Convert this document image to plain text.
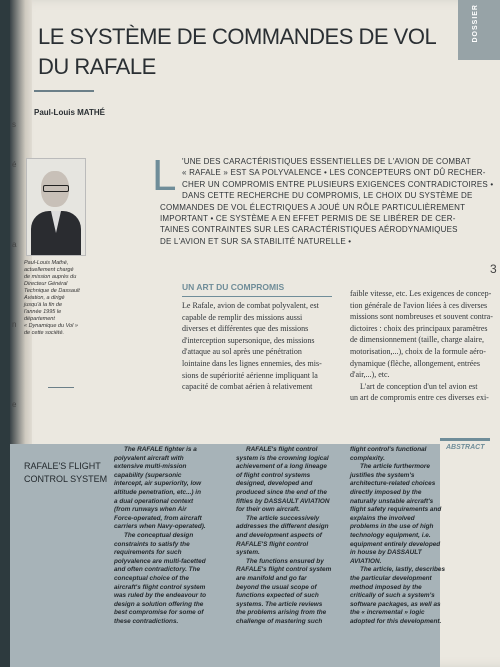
s
é
a
n
e
DOSSIER
3
LE SYSTÈME DE COMMANDES DE VOL
DU RAFALE
Paul-Louis MATHÉ
Paul-Louis Mathé,
actuellement chargé
de mission auprès du
Directeur Général
Technique de Dassault
Aviation, a dirigé
jusqu'à la fin de
l'année 1995 le
département
« Dynamique du Vol »
de cette société.
L 'UNE DES CARACTÉRISTIQUES ESSENTIELLES DE L'AVION DE COMBAT
« RAFALE » EST SA POLYVALENCE • LES CONCEPTEURS ONT DÛ RECHER-
CHER UN COMPROMIS ENTRE PLUSIEURS EXIGENCES CONTRADICTOIRES •
DANS CETTE RECHERCHE DU COMPROMIS, LE CHOIX DU SYSTÈME DE
COMMANDES DE VOL ÉLECTRIQUES A JOUÉ UN RÔLE PARTICULIÈREMENT
IMPORTANT • CE SYSTÈME A EN EFFET PERMIS DE SE LIBÉRER DE CER-
TAINES CONTRAINTES SUR LES CARACTÉRISTIQUES AÉRODYNAMIQUES
DE L'AVION ET SUR SA STABILITÉ NATURELLE •
UN ART DU COMPROMIS
Le Rafale, avion de combat polyvalent, est
capable de remplir des missions aussi
diverses et différentes que des missions
d'interception supersonique, des missions
d'attaque au sol après une pénétration
lointaine dans les lignes ennemies, des mis-
sions de supériorité aérienne impliquant la
capacité de combat aérien à relativement
faible vitesse, etc. Les exigences de concep-
tion générale de l'avion liées à ces diverses
missions sont nombreuses et souvent contra-
dictoires : choix des principaux paramètres
de dimensionnement (taille, charge alaire,
motorisation,...), choix de la formule aéro-
dynamique (flèche, allongement, entrées
d'air,...), etc.
L'art de conception d'un tel avion est
un art de compromis entre ces diverses exi-
ABSTRACT
RAFALE'S FLIGHT
CONTROL SYSTEM
The RAFALE fighter is a
polyvalent aircraft with
extensive multi-mission
capability (supersonic
intercept, air superiority, low
altitude penetration, etc...) in
a dual operational context
(from runways when Air
Force-operated, from aircraft
carriers when Navy-operated).
The conceptual design
constraints to satisfy the
requirements for such
polyvalence are multi-facetted
and often contradictory. The
conceptual choice of the
aircraft's flight control system
was ruled by the endeavour to
design a solution offering the
best compromise for some of
these contradictions.
RAFALE's flight control
system is the crowning logical
achievement of a long lineage
of flight control systems
designed, developed and
produced since the end of the
fifties by DASSAULT AVIATION
for their own aircraft.
The article successively
addresses the different design
and development aspects of
RAFALE'S flight control
system.
The functions ensured by
RAFALE's flight control system
are manifold and go far
beyond the usual scope of
functions expected of such
systems. The article reviews
the problems arising from the
challenge of mastering such
flight control's functional
complexity.
The article furthermore
justifies the system's
architecture-related choices
directly imposed by the
naturally unstable aircraft's
flight safety requirements and
explains the involved
problems in the use of high
technology equipment, i.e.
equipment entirely developed
in house by DASSAULT
AVIATION.
The article, lastly, describes
the particular development
method imposed by the
critically of such a system's
software packages, as well as
the « incremental » logic
adopted for this development.
